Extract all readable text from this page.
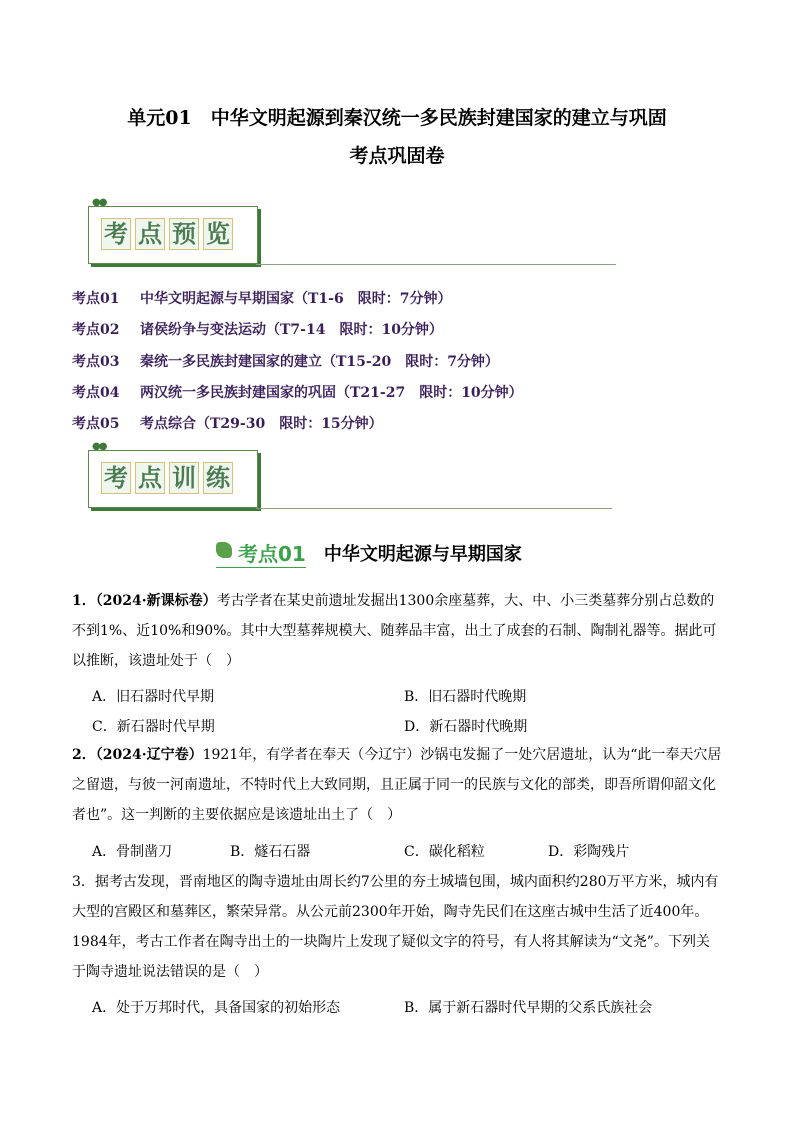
单元01　中华文明起源到秦汉统一多民族封建国家的建立与巩固
考点巩固卷
●●
考 点 预 览
考点01 中华文明起源与早期国家（T1-6　限时：7分钟）
考点02 诸侯纷争与变法运动（T7-14　限时：10分钟）
考点03 秦统一多民族封建国家的建立（T15-20　限时：7分钟）
考点04 两汉统一多民族封建国家的巩固（T21-27　限时：10分钟）
考点05 考点综合（T29-30　限时：15分钟）
●●
考 点 训 练
考点01 中华文明起源与早期国家
1．（2024·新课标卷）考古学者在某史前遗址发掘出1300余座墓葬，大、中、小三类墓葬分别占总数的不到1%、近10%和90%。其中大型墓葬规模大、随葬品丰富，出土了成套的石制、陶制礼器等。据此可以推断，该遗址处于（　）
A．旧石器时代早期	B．旧石器时代晚期
C．新石器时代早期	D．新石器时代晚期
2．（2024·辽宁卷）1921年，有学者在奉天（今辽宁）沙锅屯发掘了一处穴居遗址，认为“此一奉天穴居之留遗，与彼一河南遗址，不特时代上大致同期，且正属于同一的民族与文化的部类，即吾所谓仰韶文化者也”。这一判断的主要依据应是该遗址出土了（　）
A．骨制凿刀	B．燧石石器	C．碳化稻粒	D．彩陶残片
3．据考古发现，晋南地区的陶寺遗址由周长约7公里的夯土城墙包围，城内面积约280万平方米，城内有大型的宫殿区和墓葬区，繁荣异常。从公元前2300年开始，陶寺先民们在这座古城中生活了近400年。1984年，考古工作者在陶寺出土的一块陶片上发现了疑似文字的符号，有人将其解读为“文尧”。下列关于陶寺遗址说法错误的是（　）
A．处于万邦时代，具备国家的初始形态	B．属于新石器时代早期的父系氏族社会
